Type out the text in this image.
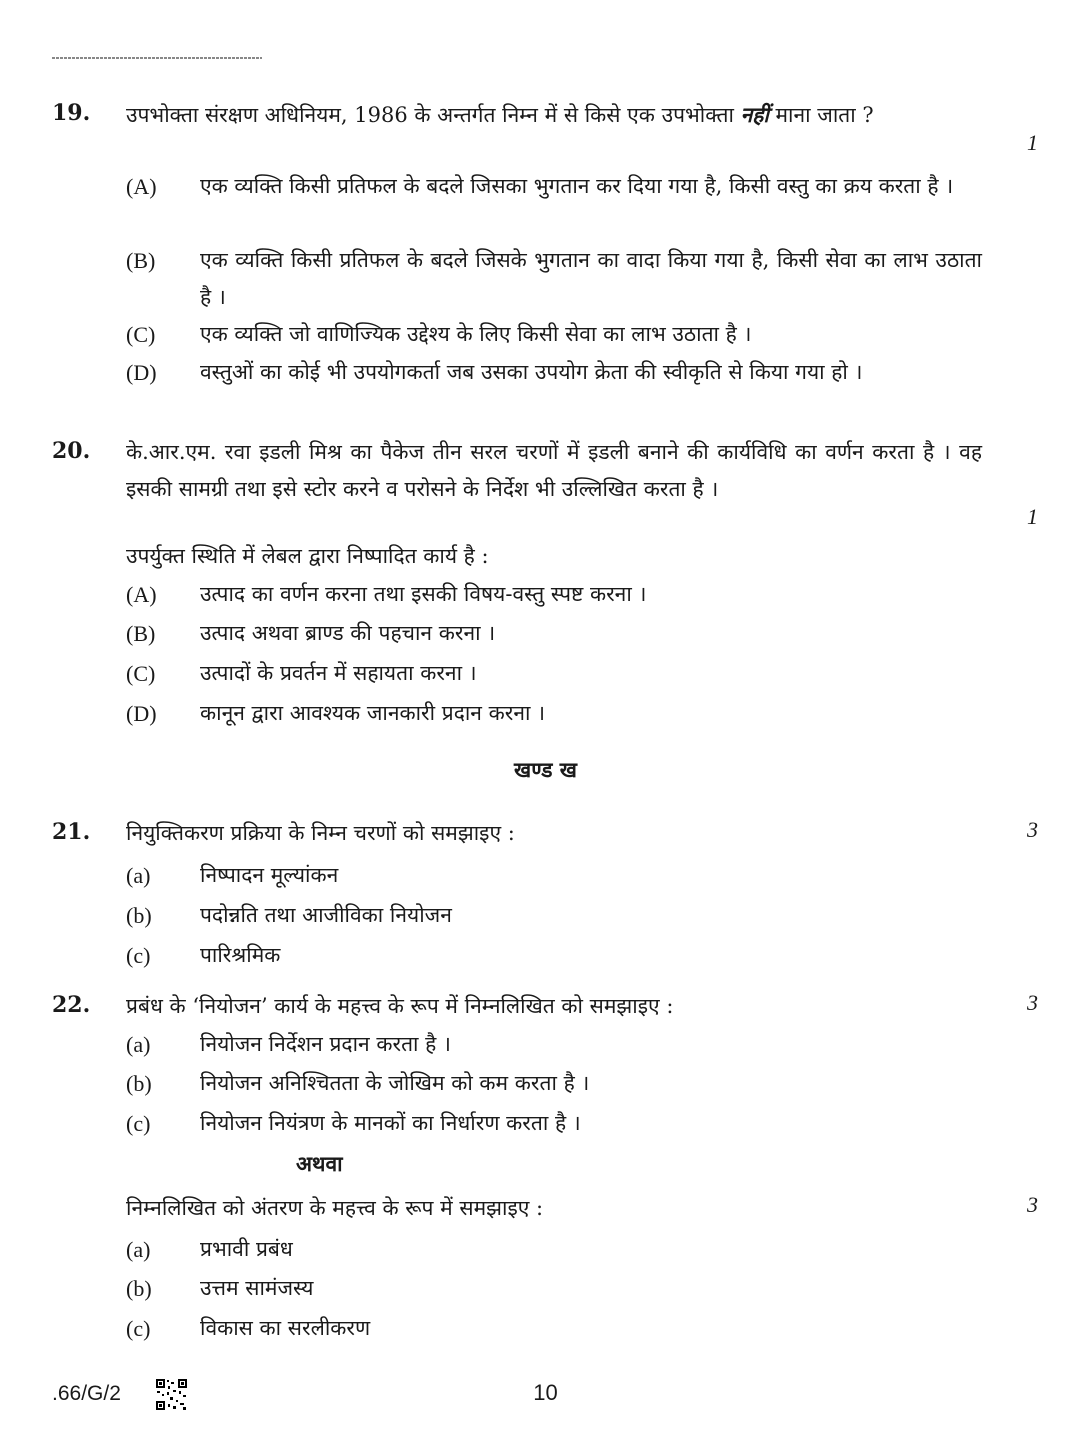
19. उपभोक्ता संरक्षण अधिनियम, 1986 के अन्तर्गत निम्न में से किसे एक उपभोक्ता नहीं माना जाता ?
1
(A) एक व्यक्ति किसी प्रतिफल के बदले जिसका भुगतान कर दिया गया है, किसी वस्तु का क्रय करता है ।
(B) एक व्यक्ति किसी प्रतिफल के बदले जिसके भुगतान का वादा किया गया है, किसी सेवा का लाभ उठाता है ।
(C) एक व्यक्ति जो वाणिज्यिक उद्देश्य के लिए किसी सेवा का लाभ उठाता है ।
(D) वस्तुओं का कोई भी उपयोगकर्ता जब उसका उपयोग क्रेता की स्वीकृति से किया गया हो ।
20. के.आर.एम. रवा इडली मिश्र का पैकेज तीन सरल चरणों में इडली बनाने की कार्यविधि का वर्णन करता है । वह इसकी सामग्री तथा इसे स्टोर करने व परोसने के निर्देश भी उल्लिखित करता है ।
1
उपर्युक्त स्थिति में लेबल द्वारा निष्पादित कार्य है :
(A) उत्पाद का वर्णन करना तथा इसकी विषय-वस्तु स्पष्ट करना ।
(B) उत्पाद अथवा ब्राण्ड की पहचान करना ।
(C) उत्पादों के प्रवर्तन में सहायता करना ।
(D) कानून द्वारा आवश्यक जानकारी प्रदान करना ।
खण्ड ख
21. नियुक्तिकरण प्रक्रिया के निम्न चरणों को समझाइए :	3
(a) निष्पादन मूल्यांकन
(b) पदोन्नति तथा आजीविका नियोजन
(c) पारिश्रमिक
22. प्रबंध के ‘नियोजन’ कार्य के महत्त्व के रूप में निम्नलिखित को समझाइए :	3
(a) नियोजन निर्देशन प्रदान करता है ।
(b) नियोजन अनिश्चितता के जोखिम को कम करता है ।
(c) नियोजन नियंत्रण के मानकों का निर्धारण करता है ।
अथवा
निम्नलिखित को अंतरण के महत्त्व के रूप में समझाइए :	3
(a) प्रभावी प्रबंध
(b) उत्तम सामंजस्य
(c) विकास का सरलीकरण
.66/G/2	10
